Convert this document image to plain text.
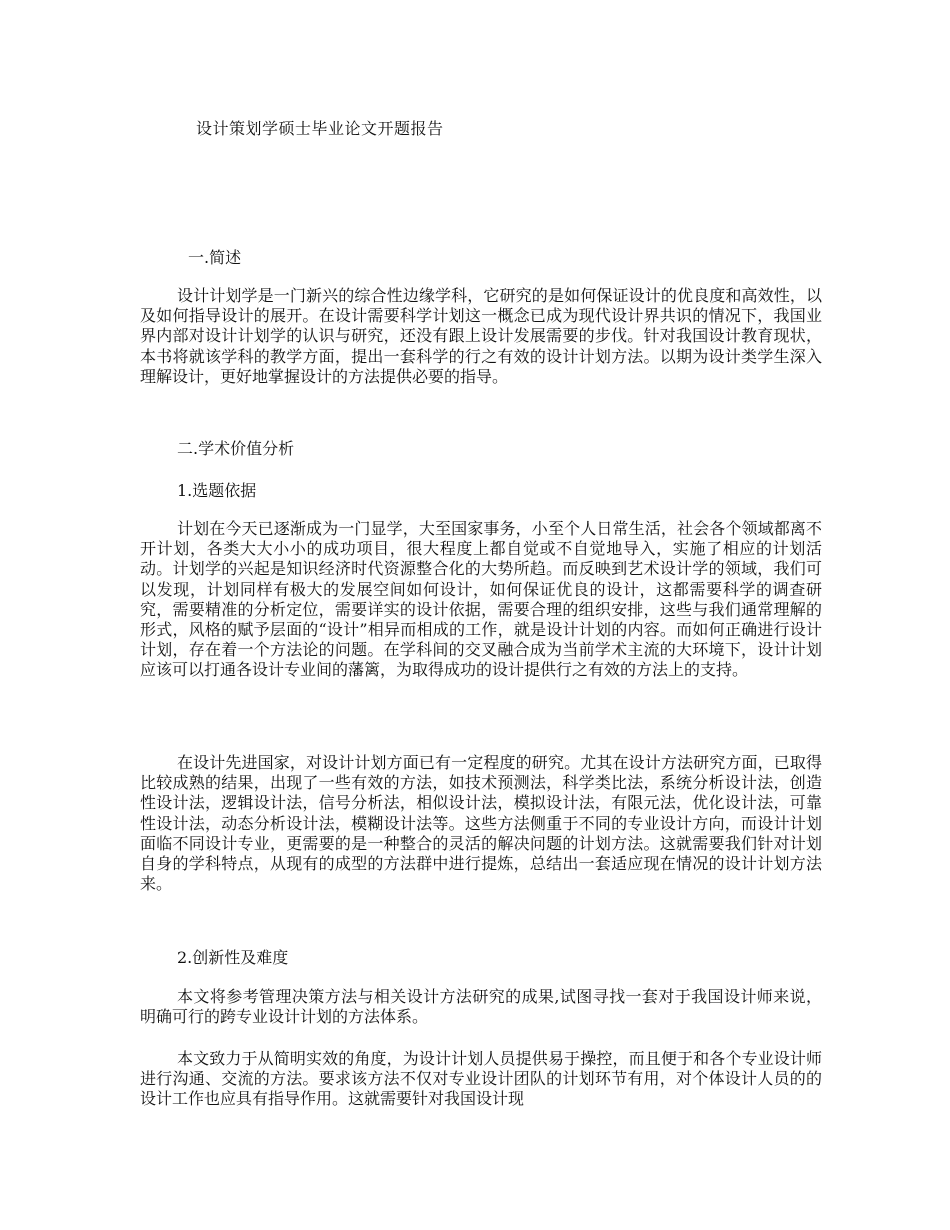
设计策划学硕士毕业论文开题报告
一.简述

设计计划学是一门新兴的综合性边缘学科，它研究的是如何保证设计的优良度和高效性，以及如何指导设计的展开。在设计需要科学计划这一概念已成为现代设计界共识的情况下，我国业界内部对设计计划学的认识与研究，还没有跟上设计发展需要的步伐。针对我国设计教育现状，本书将就该学科的教学方面，提出一套科学的行之有效的设计计划方法。以期为设计类学生深入理解设计，更好地掌握设计的方法提供必要的指导。

二.学术价值分析
1.选题依据

计划在今天已逐渐成为一门显学，大至国家事务，小至个人日常生活，社会各个领域都离不开计划，各类大大小小的成功项目，很大程度上都自觉或不自觉地导入，实施了相应的计划活动。计划学的兴起是知识经济时代资源整合化的大势所趋。而反映到艺术设计学的领域，我们可以发现，计划同样有极大的发展空间如何设计，如何保证优良的设计，这都需要科学的调查研究，需要精准的分析定位，需要详实的设计依据，需要合理的组织安排，这些与我们通常理解的形式，风格的赋予层面的“设计”相异而相成的工作，就是设计计划的内容。而如何正确进行设计计划，存在着一个方法论的问题。在学科间的交叉融合成为当前学术主流的大环境下，设计计划应该可以打通各设计专业间的藩篱，为取得成功的设计提供行之有效的方法上的支持。

在设计先进国家，对设计计划方面已有一定程度的研究。尤其在设计方法研究方面，已取得比较成熟的结果，出现了一些有效的方法，如技术预测法，科学类比法，系统分析设计法，创造性设计法，逻辑设计法，信号分析法，相似设计法，模拟设计法，有限元法，优化设计法，可靠性设计法，动态分析设计法，模糊设计法等。这些方法侧重于不同的专业设计方向，而设计计划面临不同设计专业，更需要的是一种整合的灵活的解决问题的计划方法。这就需要我们针对计划自身的学科特点，从现有的成型的方法群中进行提炼，总结出一套适应现在情况的设计计划方法来。

2.创新性及难度

本文将参考管理决策方法与相关设计方法研究的成果,试图寻找一套对于我国设计师来说，明确可行的跨专业设计计划的方法体系。

本文致力于从简明实效的角度，为设计计划人员提供易于操控，而且便于和各个专业设计师进行沟通、交流的方法。要求该方法不仅对专业设计团队的计划环节有用，对个体设计人员的的设计工作也应具有指导作用。这就需要针对我国设计现
